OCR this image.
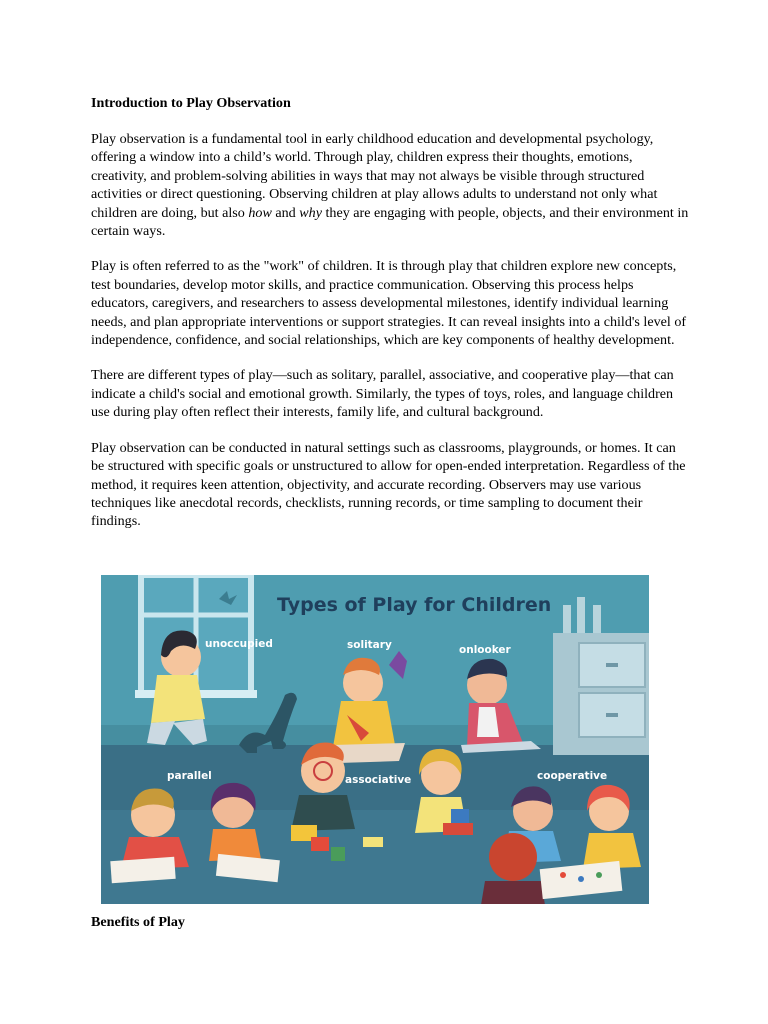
Introduction to Play Observation

Play observation is a fundamental tool in early childhood education and developmental psychology, offering a window into a child’s world. Through play, children express their thoughts, emotions, creativity, and problem-solving abilities in ways that may not always be visible through structured activities or direct questioning. Observing children at play allows adults to understand not only what children are doing, but also how and why they are engaging with people, objects, and their environment in certain ways.

Play is often referred to as the "work" of children. It is through play that children explore new concepts, test boundaries, develop motor skills, and practice communication. Observing this process helps educators, caregivers, and researchers to assess developmental milestones, identify individual learning needs, and plan appropriate interventions or support strategies. It can reveal insights into a child's level of independence, confidence, and social relationships, which are key components of healthy development.

There are different types of play—such as solitary, parallel, associative, and cooperative play—that can indicate a child's social and emotional growth. Similarly, the types of toys, roles, and language children use during play often reflect their interests, family life, and cultural background.

Play observation can be conducted in natural settings such as classrooms, playgrounds, or homes. It can be structured with specific goals or unstructured to allow for open-ended interpretation. Regardless of the method, it requires keen attention, objectivity, and accurate recording. Observers may use various techniques like anecdotal records, checklists, running records, or time sampling to document their findings.

Types of Play for Children
unoccupied	solitary	onlooker
parallel	associative	cooperative
Benefits of Play
